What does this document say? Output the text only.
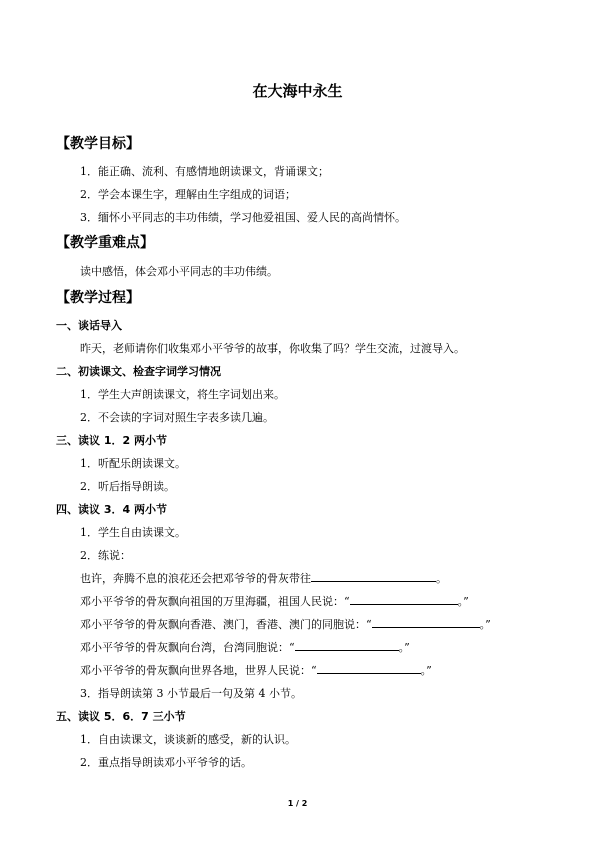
在大海中永生
【教学目标】
1．能正确、流利、有感情地朗读课文，背诵课文；
2．学会本课生字，理解由生字组成的词语；
3．缅怀小平同志的丰功伟绩，学习他爱祖国、爱人民的高尚情怀。
【教学重难点】
读中感悟，体会邓小平同志的丰功伟绩。
【教学过程】
一、谈话导入
昨天，老师请你们收集邓小平爷爷的故事，你收集了吗？学生交流，过渡导入。
二、初读课文、检查字词学习情况
1．学生大声朗读课文，将生字词划出来。
2．不会读的字词对照生字表多读几遍。
三、读议 1．2 两小节
1．听配乐朗读课文。
2．听后指导朗读。
四、读议 3．4 两小节
1．学生自由读课文。
2．练说：
也许，奔腾不息的浪花还会把邓爷爷的骨灰带往	。
邓小平爷爷的骨灰飘向祖国的万里海疆，祖国人民说：“	。”
邓小平爷爷的骨灰飘向香港、澳门，香港、澳门的同胞说：“	。”
邓小平爷爷的骨灰飘向台湾，台湾同胞说：“	。”
邓小平爷爷的骨灰飘向世界各地，世界人民说：“	。”
3．指导朗读第 3 小节最后一句及第 4 小节。
五、读议 5．6．7 三小节
1．自由读课文，谈谈新的感受，新的认识。
2．重点指导朗读邓小平爷爷的话。
1 / 2
